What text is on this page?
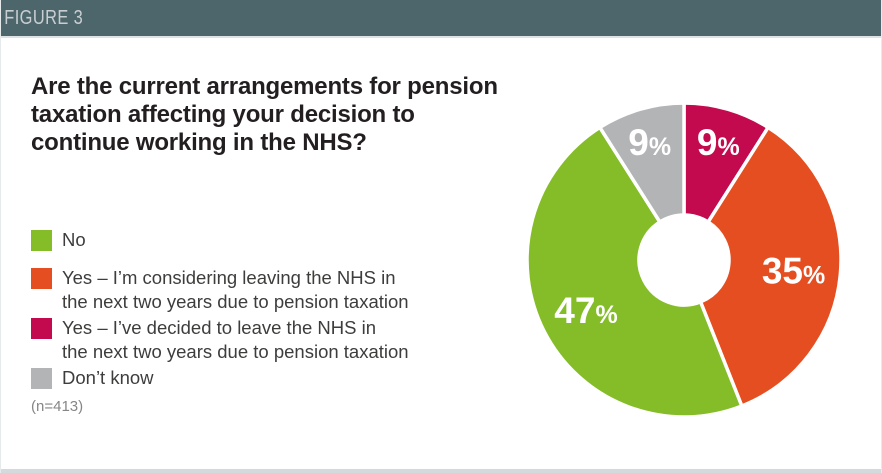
FIGURE 3
Are the current arrangements for pension
taxation affecting your decision to
continue working in the NHS?
No
Yes – I’m considering leaving the NHS in
the next two years due to pension taxation
Yes – I’ve decided to leave the NHS in
the next two years due to pension taxation
Don’t know
(n=413)
9%
35%
47%
9%
